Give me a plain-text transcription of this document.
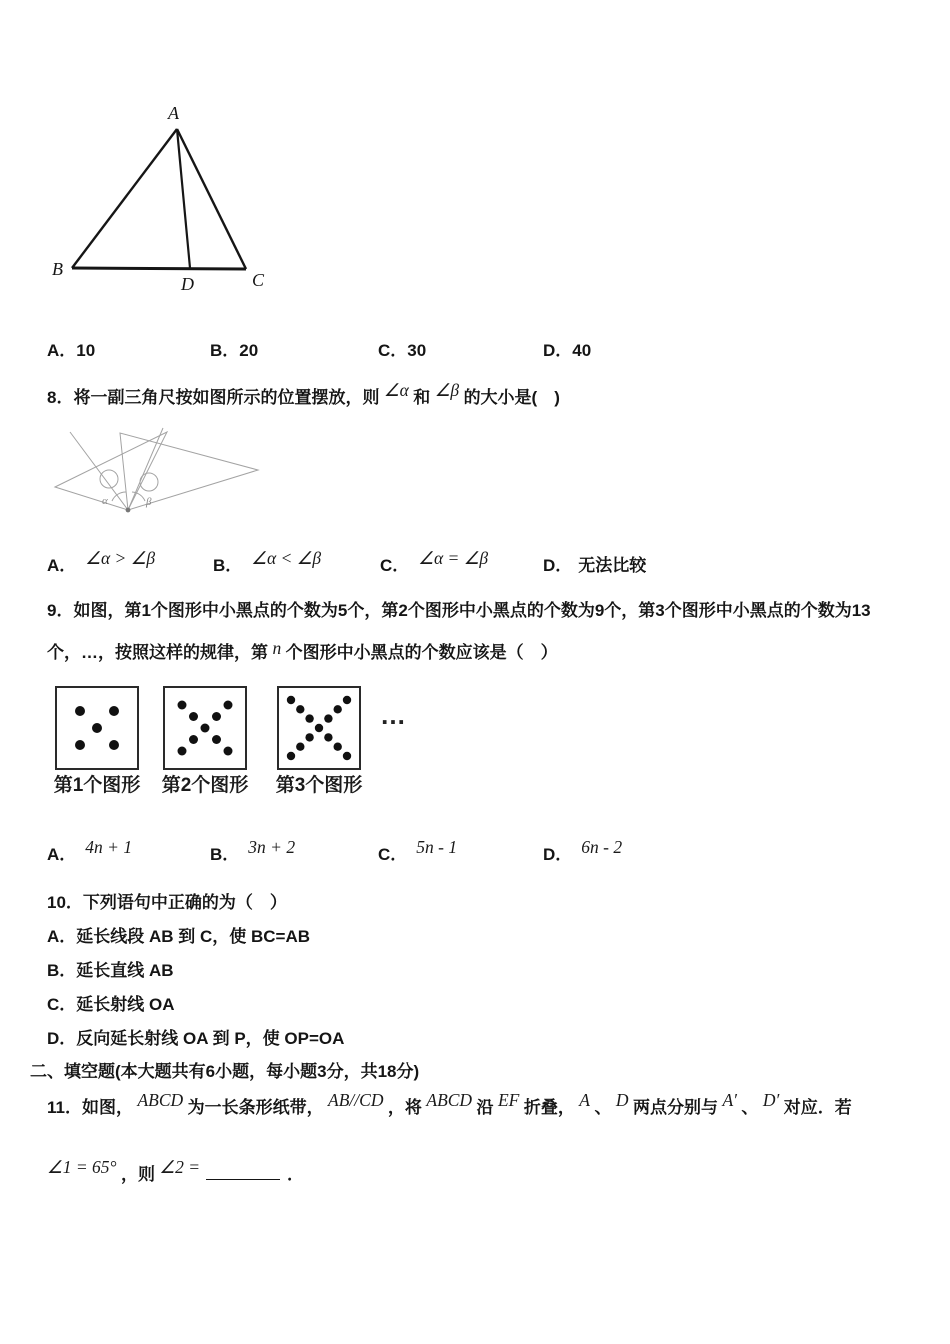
A
B
C
D
A．10	B．20	C．30	D．40
8．将一副三角尺按如图所示的位置摆放，则 ∠α 和 ∠β 的大小是(　)
α	β
A． ∠α > ∠β	B． ∠α < ∠β	C． ∠α = ∠β	D． 无法比较
9．如图，第1个图形中小黑点的个数为5个，第2个图形中小黑点的个数为9个，第3个图形中小黑点的个数为13
个，…，按照这样的规律，第 n 个图形中小黑点的个数应该是（　）
…
第1个图形	第2个图形	第3个图形
A． 4n + 1	B． 3n + 2	C． 5n - 1	D． 6n - 2
10．下列语句中正确的为（　）
A．延长线段 AB 到 C，使 BC=AB
B．延长直线 AB
C．延长射线 OA
D．反向延长射线 OA 到 P，使 OP=OA
二、填空题(本大题共有6小题，每小题3分，共18分)
11．如图， ABCD 为一长条形纸带， AB//CD ，将 ABCD 沿 EF 折叠， A 、 D 两点分别与 A′ 、 D′ 对应．若
∠1 = 65° ，则 ∠2 =	．
